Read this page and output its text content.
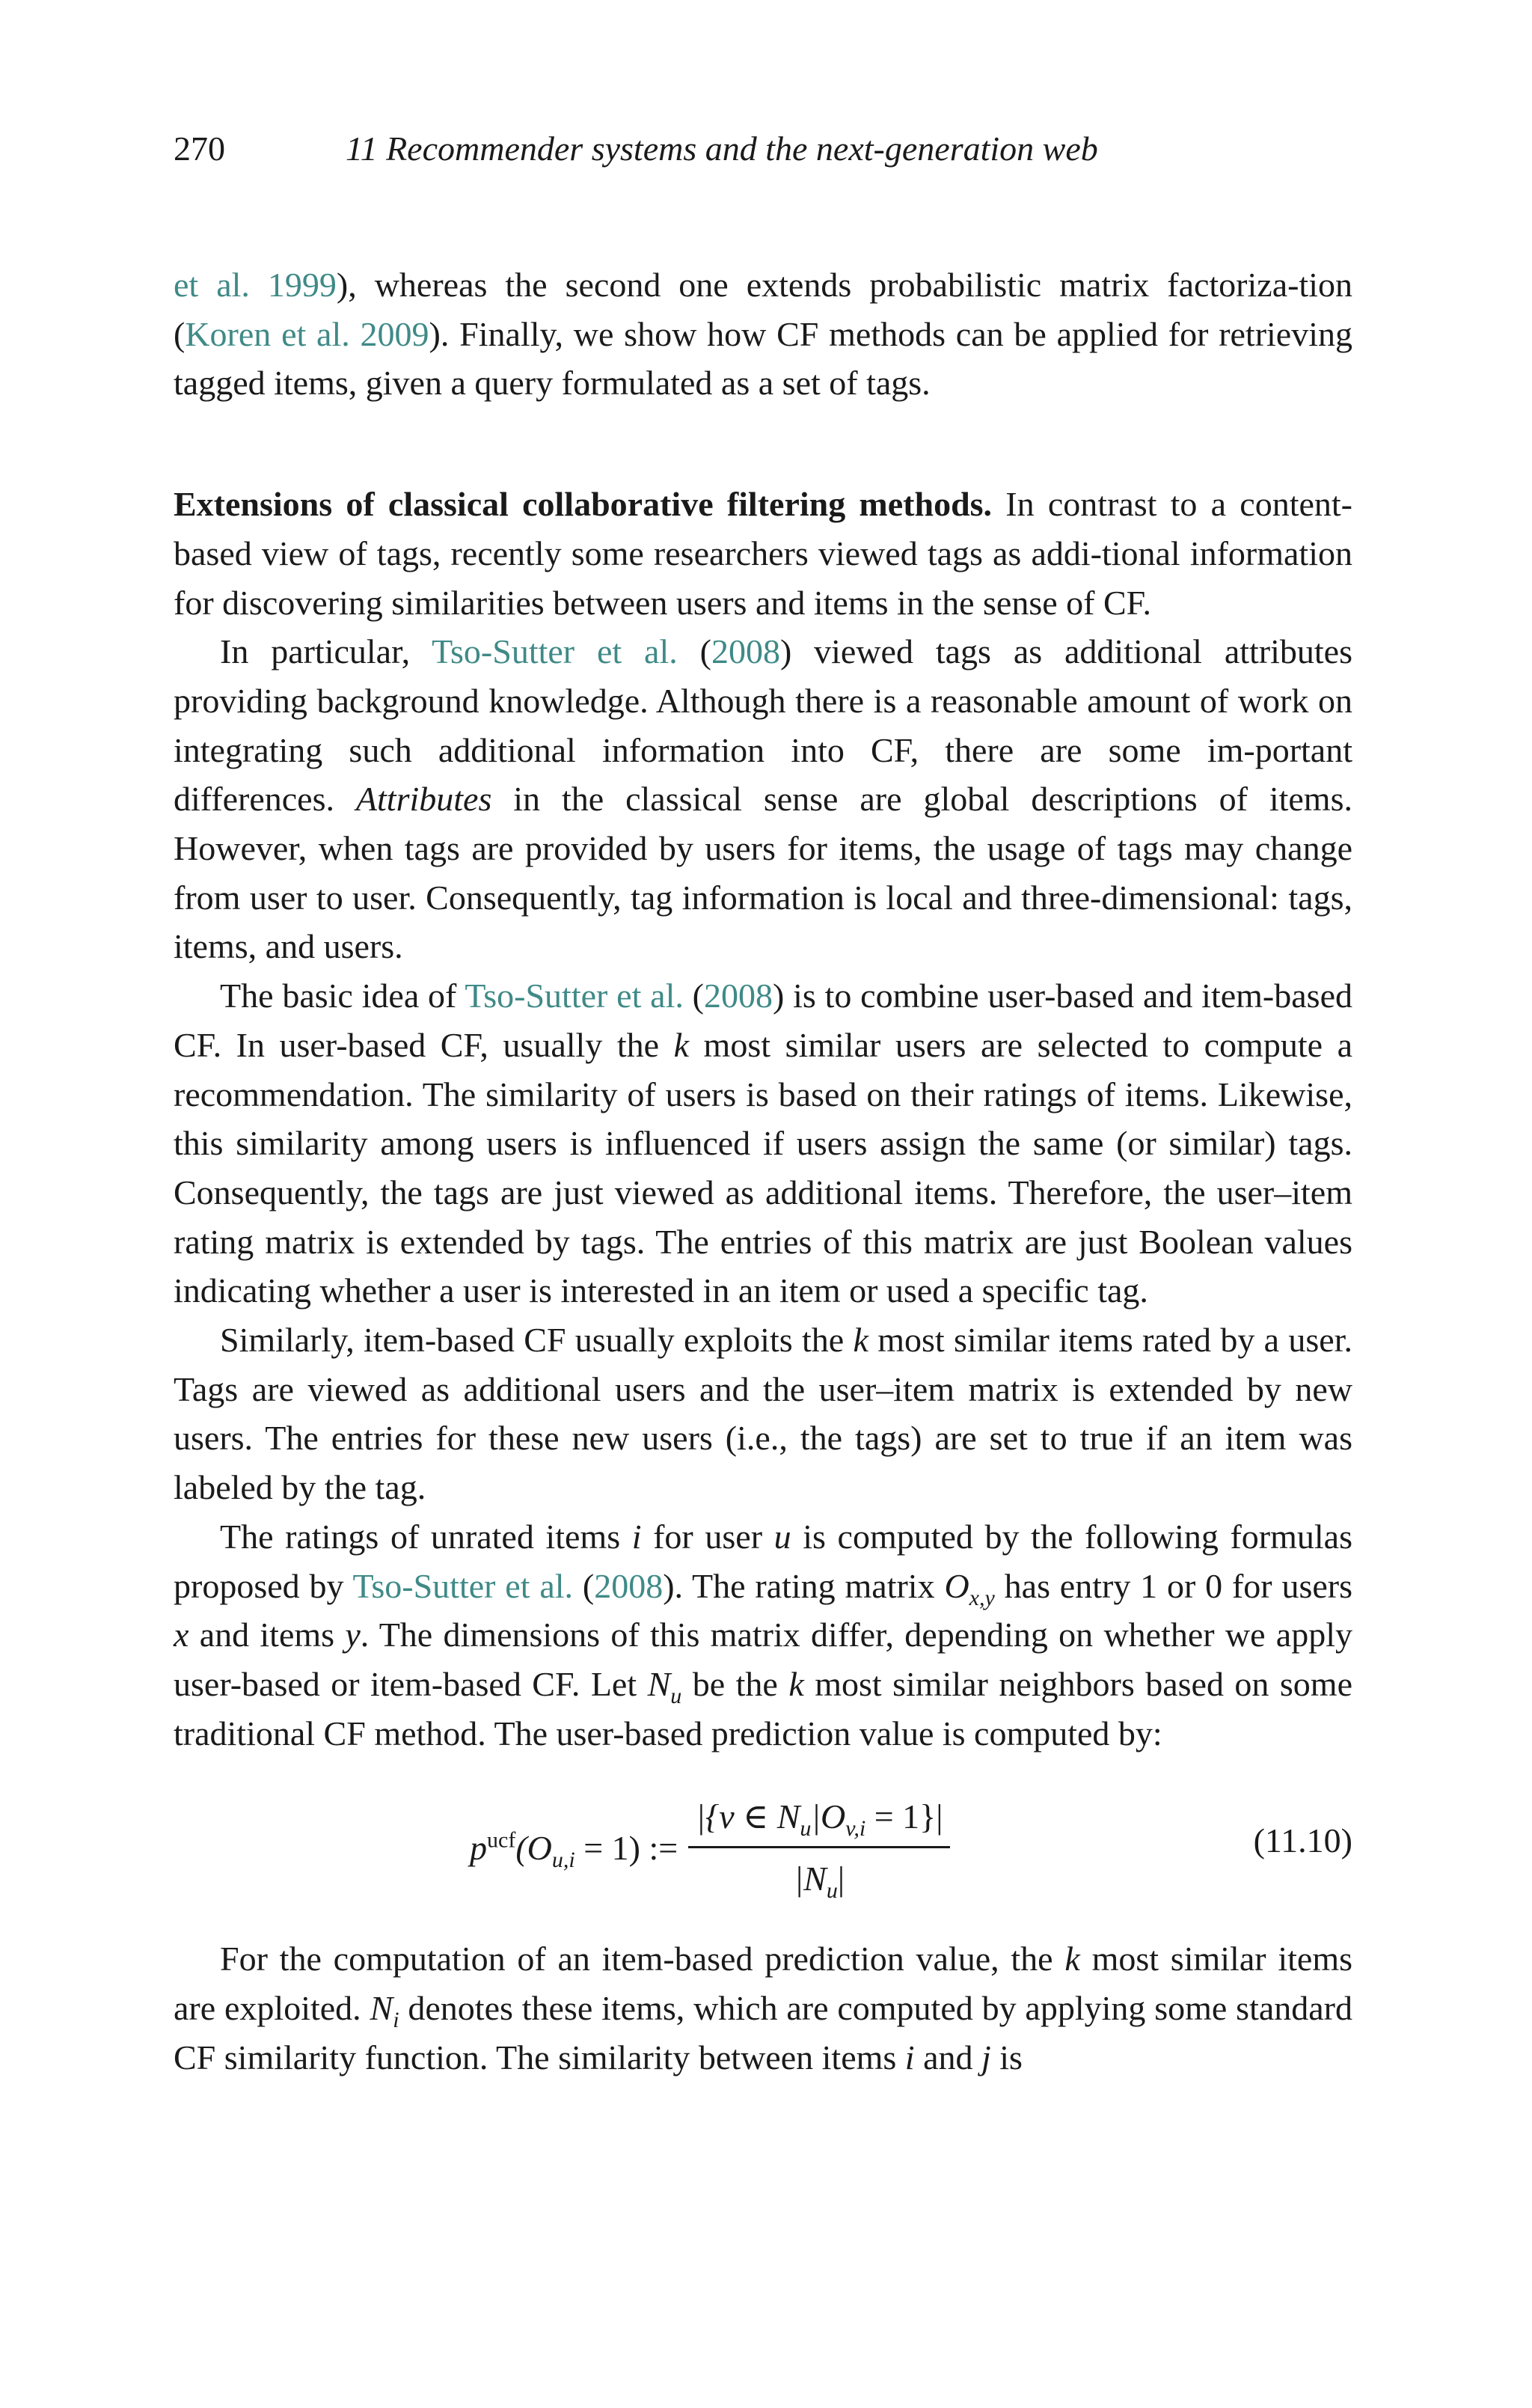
270	11 Recommender systems and the next-generation web

et al. 1999), whereas the second one extends probabilistic matrix factoriza-tion (Koren et al. 2009). Finally, we show how CF methods can be applied for retrieving tagged items, given a query formulated as a set of tags.

Extensions of classical collaborative filtering methods. In contrast to a content-based view of tags, recently some researchers viewed tags as addi-tional information for discovering similarities between users and items in the sense of CF.

In particular, Tso-Sutter et al. (2008) viewed tags as additional attributes providing background knowledge. Although there is a reasonable amount of work on integrating such additional information into CF, there are some im-portant differences. Attributes in the classical sense are global descriptions of items. However, when tags are provided by users for items, the usage of tags may change from user to user. Consequently, tag information is local and three-dimensional: tags, items, and users.

The basic idea of Tso-Sutter et al. (2008) is to combine user-based and item-based CF. In user-based CF, usually the k most similar users are selected to compute a recommendation. The similarity of users is based on their ratings of items. Likewise, this similarity among users is influenced if users assign the same (or similar) tags. Consequently, the tags are just viewed as additional items. Therefore, the user–item rating matrix is extended by tags. The entries of this matrix are just Boolean values indicating whether a user is interested in an item or used a specific tag.

Similarly, item-based CF usually exploits the k most similar items rated by a user. Tags are viewed as additional users and the user–item matrix is extended by new users. The entries for these new users (i.e., the tags) are set to true if an item was labeled by the tag.

The ratings of unrated items i for user u is computed by the following formulas proposed by Tso-Sutter et al. (2008). The rating matrix $O_{x,y}$ has entry 1 or 0 for users x and items y. The dimensions of this matrix differ, depending on whether we apply user-based or item-based CF. Let $N_u$ be the k most similar neighbors based on some traditional CF method. The user-based prediction value is computed by:

$p^{ucf}(O_{u,i} = 1)$ := $\frac{|\{v \in N_u|O_{v,i} = 1\}|}{|N_u|}$	(11.10)

For the computation of an item-based prediction value, the k most similar items are exploited. $N_i$ denotes these items, which are computed by applying some standard CF similarity function. The similarity between items i and j is
